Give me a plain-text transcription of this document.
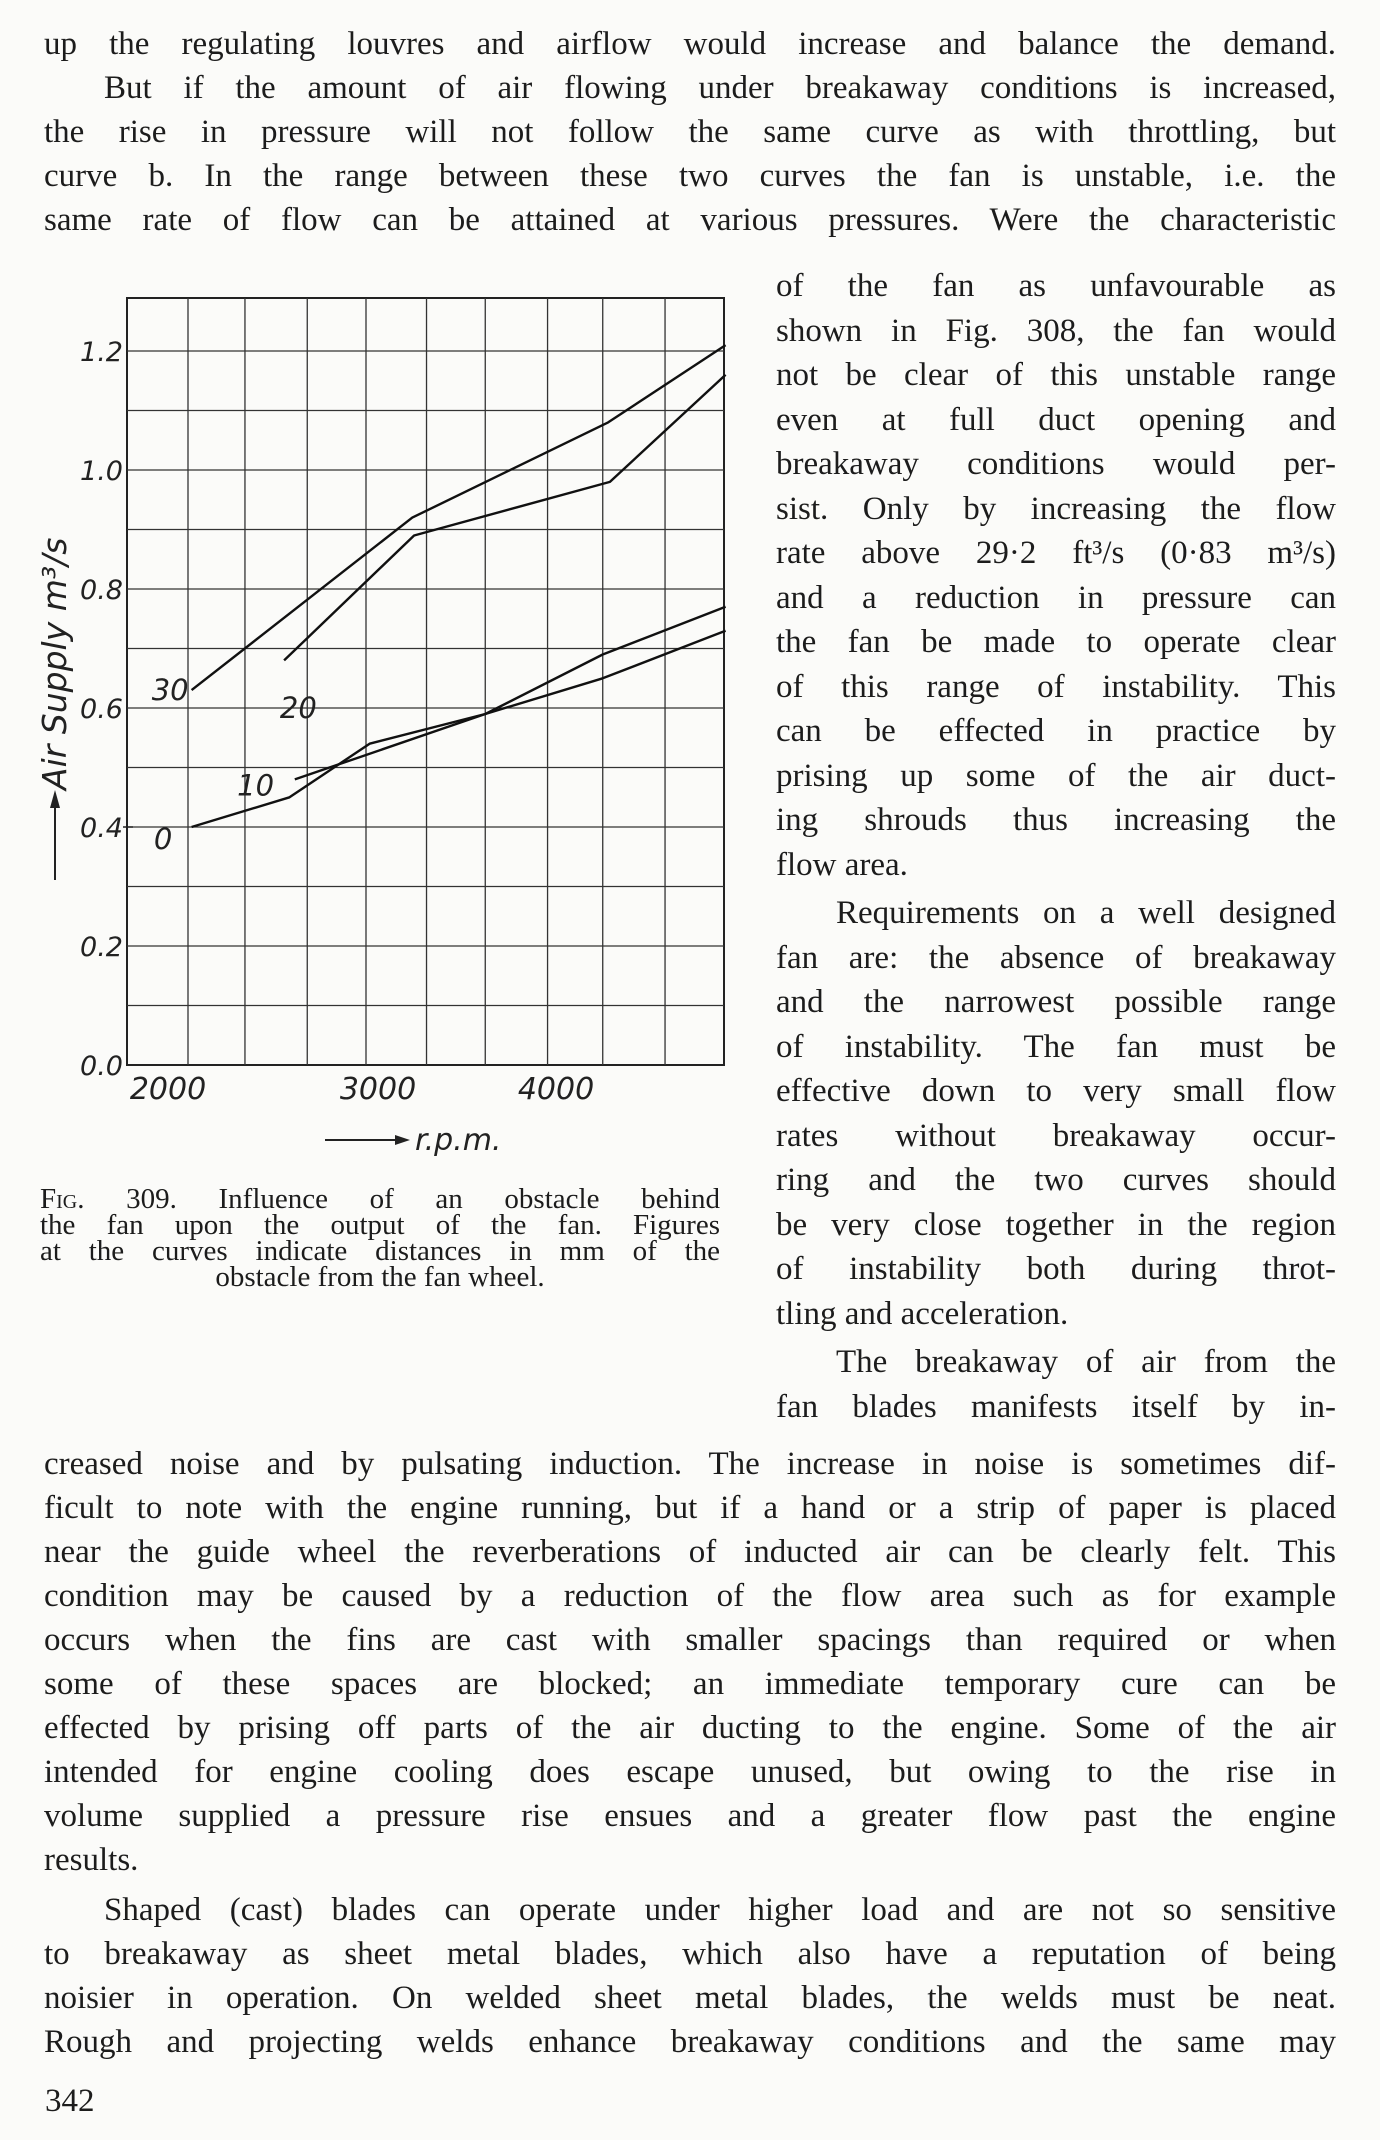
up the regulating louvres and airflow would increase and balance the demand.
But if the amount of air flowing under breakaway conditions is increased,
the rise in pressure will not follow the same curve as with throttling, but
curve b. In the range between these two curves the fan is unstable, i.e. the
same rate of flow can be attained at various pressures. Were the characteristic
0.0
0.2
0.4
0.6
0.8
1.0
1.2
2000	3000	4000
30
20
10
0
r.p.m.
Air Supply m³/s
Fig. 309. Influence of an obstacle behind
the fan upon the output of the fan. Figures
at the curves indicate distances in mm of the
obstacle from the fan wheel.
of the fan as unfavourable as
shown in Fig. 308, the fan would
not be clear of this unstable range
even at full duct opening and
breakaway conditions would per-
sist. Only by increasing the flow
rate above 29·2 ft³/s (0·83 m³/s)
and a reduction in pressure can
the fan be made to operate clear
of this range of instability. This
can be effected in practice by
prising up some of the air duct-
ing shrouds thus increasing the
flow area.
Requirements on a well designed
fan are: the absence of breakaway
and the narrowest possible range
of instability. The fan must be
effective down to very small flow
rates without breakaway occur-
ring and the two curves should
be very close together in the region
of instability both during throt-
tling and acceleration.
The breakaway of air from the
fan blades manifests itself by in-
creased noise and by pulsating induction. The increase in noise is sometimes dif-
ficult to note with the engine running, but if a hand or a strip of paper is placed
near the guide wheel the reverberations of inducted air can be clearly felt. This
condition may be caused by a reduction of the flow area such as for example
occurs when the fins are cast with smaller spacings than required or when
some of these spaces are blocked; an immediate temporary cure can be
effected by prising off parts of the air ducting to the engine. Some of the air
intended for engine cooling does escape unused, but owing to the rise in
volume supplied a pressure rise ensues and a greater flow past the engine
results.
Shaped (cast) blades can operate under higher load and are not so sensitive
to breakaway as sheet metal blades, which also have a reputation of being
noisier in operation. On welded sheet metal blades, the welds must be neat.
Rough and projecting welds enhance breakaway conditions and the same may
342
